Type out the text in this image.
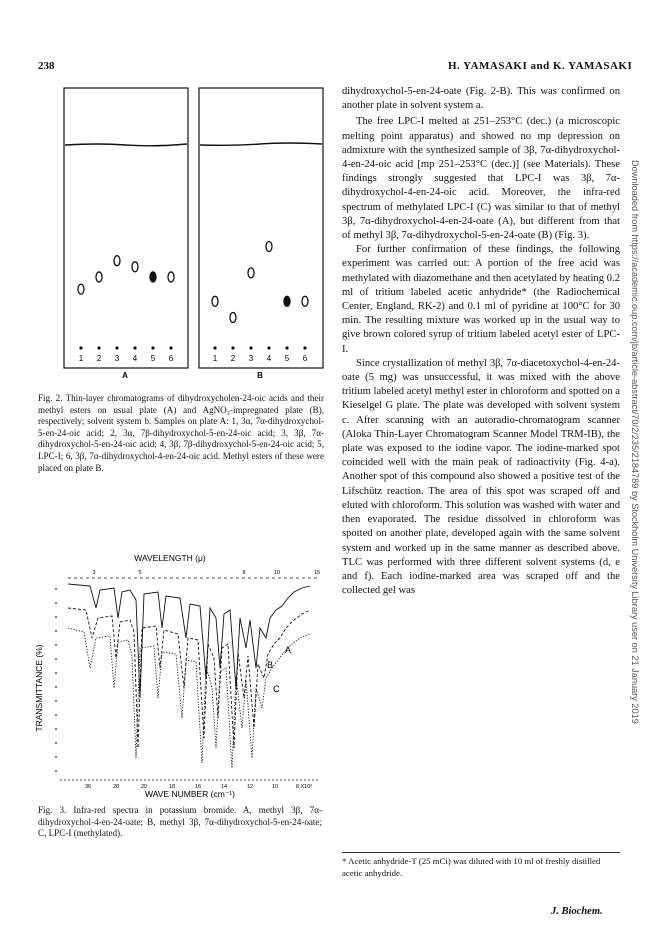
238	H. YAMASAKI and K. YAMASAKI
1 2 3 4 5 6
A
1 2 3 4 5 6
B
Fig. 2. Thin-layer chromatograms of dihydroxycholen-24-oic acids and their methyl esters on usual plate (A) and AgNO₃-impregnated plate (B), respectively; solvent system b. Samples on plate A: 1, 3α, 7α-dihydroxychol-5-en-24-oic acid; 2, 3α, 7β-dihydroxychol-5-en-24-oic acid; 3, 3β, 7α-dihydroxychol-5-en-24-oic acid; 4, 3β, 7β-dihydroxychol-5-en-24-oic acid; 5, LPC-I; 6, 3β, 7α-dihydroxychol-4-en-24-oic acid. Methyl esters of these were placed on plate B.
WAVELENGTH (μ)
3	5	8	10	15
TRANSMITTANCE (%)	A
B
C
36	28	20	18	16	14	12	10	8 X10²
WAVE NUMBER (cm⁻¹)
Fig. 3. Infra-red spectra in potassium bromide. A, methyl 3β, 7α-dihydroxychol-4-en-24-oate; B, methyl 3β, 7α-dihydroxychol-5-en-24-oate; C, LPC-I (methylated).

dihydroxychol-5-en-24-oate (Fig. 2-B). This was confirmed on another plate in solvent system a.

The free LPC-I melted at 251–253°C (dec.) (a microscopic melting point apparatus) and showed no mp depression on admixture with the synthesized sample of 3β, 7α-dihydroxychol-4-en-24-oic acid [mp 251–253°C (dec.)] (see Materials). These findings strongly suggested that LPC-I was 3β, 7α-dihydroxychol-4-en-24-oic acid. Moreover, the infra-red spectrum of methylated LPC-I (C) was similar to that of methyl 3β, 7α-dihydroxychol-4-en-24-oate (A), but different from that of methyl 3β, 7α-dihydroxychol-5-en-24-oate (B) (Fig. 3).

For further confirmation of these findings, the following experiment was carried out: A portion of the free acid was methylated with diazomethane and then acetylated by heating 0.2 ml of tritium labeled acetic anhydride* (the Radiochemical Center, England, RK-2) and 0.1 ml of pyridine at 100°C for 30 min. The resulting mixture was worked up in the usual way to give brown colored syrup of tritium labeled acetyl ester of LPC-I.

Since crystallization of methyl 3β, 7α-diacetoxychol-4-en-24-oate (5 mg) was unsuccessful, it was mixed with the above tritium labeled acetyl methyl ester in chloroform and spotted on a Kieselgel G plate. The plate was developed with solvent system c. After scanning with an autoradio-chromatogram scanner (Aloka Thin-Layer Chromatogram Scanner Model TRM-IB), the plate was exposed to the iodine vapor. The iodine-marked spot coincided well with the main peak of radioactivity (Fig. 4-a). Another spot of this compound also showed a positive test of the Lifschütz reaction. The area of this spot was scraped off and eluted with chloroform. This solution was washed with water and then evaporated. The residue dissolved in chloroform was spotted on another plate, developed again with the same solvent system and worked up in the same manner as described above. TLC was performed with three different solvent systems (d, e and f). Each iodine-marked area was scraped off and the collected gel was

* Acetic anhydride-T (25 mCi) was diluted with 10 ml of freshly distilled acetic anhydride.
J. Biochem.
Downloaded from https://academic.oup.com/jb/article-abstract/70/2/235/2184789 by Stockholm University Library user on 21 January 2019
